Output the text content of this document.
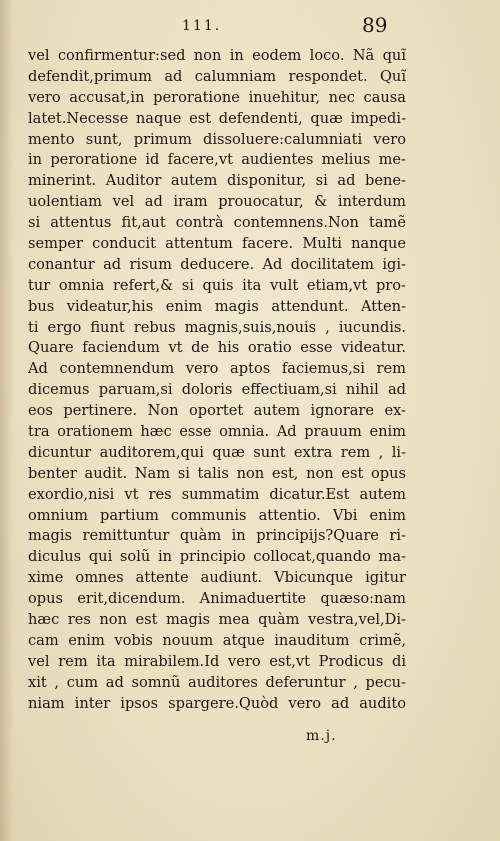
111.	89
vel confirmentur:sed non in eodem loco. Nã quĩ
defendit,primum ad calumniam respondet. Quĩ
vero accusat,in peroratione inuehitur, nec causa
latet.Necesse naque est defendenti, quæ impedi-
mento sunt, primum dissoluere:calumniati vero
in peroratione id facere,vt audientes melius me-
minerint. Auditor autem disponitur, si ad bene-
uolentiam vel ad iram prouocatur, & interdum
si attentus fit,aut contrà contemnens.Non tamẽ
semper conducit attentum facere. Multi nanque
conantur ad risum deducere. Ad docilitatem igi-
tur omnia refert,& si quis ita vult etiam,vt pro-
bus videatur,his enim magis attendunt. Atten-
ti ergo fiunt rebus magnis,suis,nouis , iucundis.
Quare faciendum vt de his oratio esse videatur.
Ad contemnendum vero aptos faciemus,si rem
dicemus paruam,si doloris effectiuam,si nihil ad
eos pertinere. Non oportet autem ignorare ex-
tra orationem hæc esse omnia. Ad prauum enim
dicuntur auditorem,qui quæ sunt extra rem , li-
benter audit. Nam si talis non est, non est opus
exordio,nisi vt res summatim dicatur.Est autem
omnium partium communis attentio. Vbi enim
magis remittuntur quàm in principijs?Quare ri-
diculus qui solũ in principio collocat,quando ma-
xime omnes attente audiunt. Vbicunque igitur
opus erit,dicendum. Animaduertite quæso:nam
hæc res non est magis mea quàm vestra,vel,Di-
cam enim vobis nouum atque inauditum crimẽ,
vel rem ita mirabilem.Id vero est,vt Prodicus di
xit , cum ad somnũ auditores deferuntur , pecu-
niam inter ipsos spargere.Quòd vero ad audito
m.j.
